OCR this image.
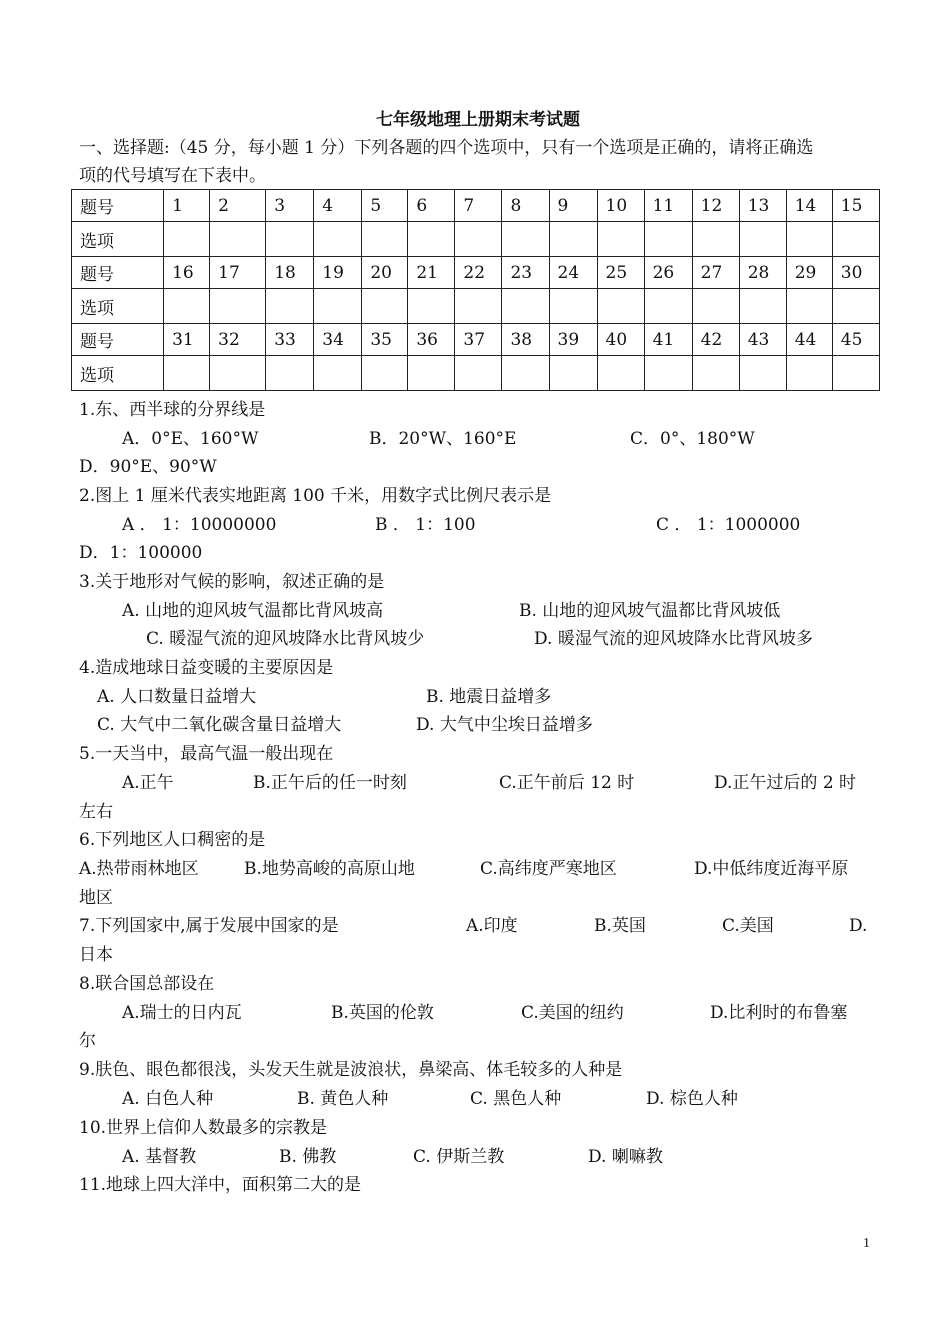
七年级地理上册期末考试题
一、选择题:（45 分，每小题 1 分）下列各题的四个选项中，只有一个选项是正确的，请将正确选
项的代号填写在下表中。
题号	1	2	3	4	5	6	7	8	9	10	11	12	13	14	15
选项															
题号	16	17	18	19	20	21	22	23	24	25	26	27	28	29	30
选项															
题号	31	32	33	34	35	36	37	38	39	40	41	42	43	44	45
选项															
1.东、西半球的分界线是
A．0°E、160°W	B．20°W、160°E	C．0°、180°W
D．90°E、90°W
2.图上 1 厘米代表实地距离 100 千米，用数字式比例尺表示是
A ． 1：10000000	B ． 1：100	C ． 1：1000000
D．1：100000
3.关于地形对气候的影响，叙述正确的是
A. 山地的迎风坡气温都比背风坡高	B. 山地的迎风坡气温都比背风坡低
C. 暖湿气流的迎风坡降水比背风坡少	D. 暖湿气流的迎风坡降水比背风坡多
4.造成地球日益变暖的主要原因是
A. 人口数量日益增大	B. 地震日益增多
C. 大气中二氧化碳含量日益增大	D. 大气中尘埃日益增多
5.一天当中，最高气温一般出现在
A.正午	B.正午后的任一时刻	C.正午前后 12 时	D.正午过后的 2 时
左右
6.下列地区人口稠密的是
A.热带雨林地区	B.地势高峻的高原山地	C.高纬度严寒地区	D.中低纬度近海平原
地区
7.下列国家中,属于发展中国家的是	A.印度	B.英国	C.美国	D.
日本
8.联合国总部设在
A.瑞士的日内瓦	B.英国的伦敦	C.美国的纽约	D.比利时的布鲁塞
尔
9.肤色、眼色都很浅，头发天生就是波浪状，鼻梁高、体毛较多的人种是
A. 白色人种	B. 黄色人种	C. 黑色人种	D. 棕色人种
10.世界上信仰人数最多的宗教是
A. 基督教	B. 佛教	C. 伊斯兰教	D. 喇嘛教
11.地球上四大洋中，面积第二大的是
1
